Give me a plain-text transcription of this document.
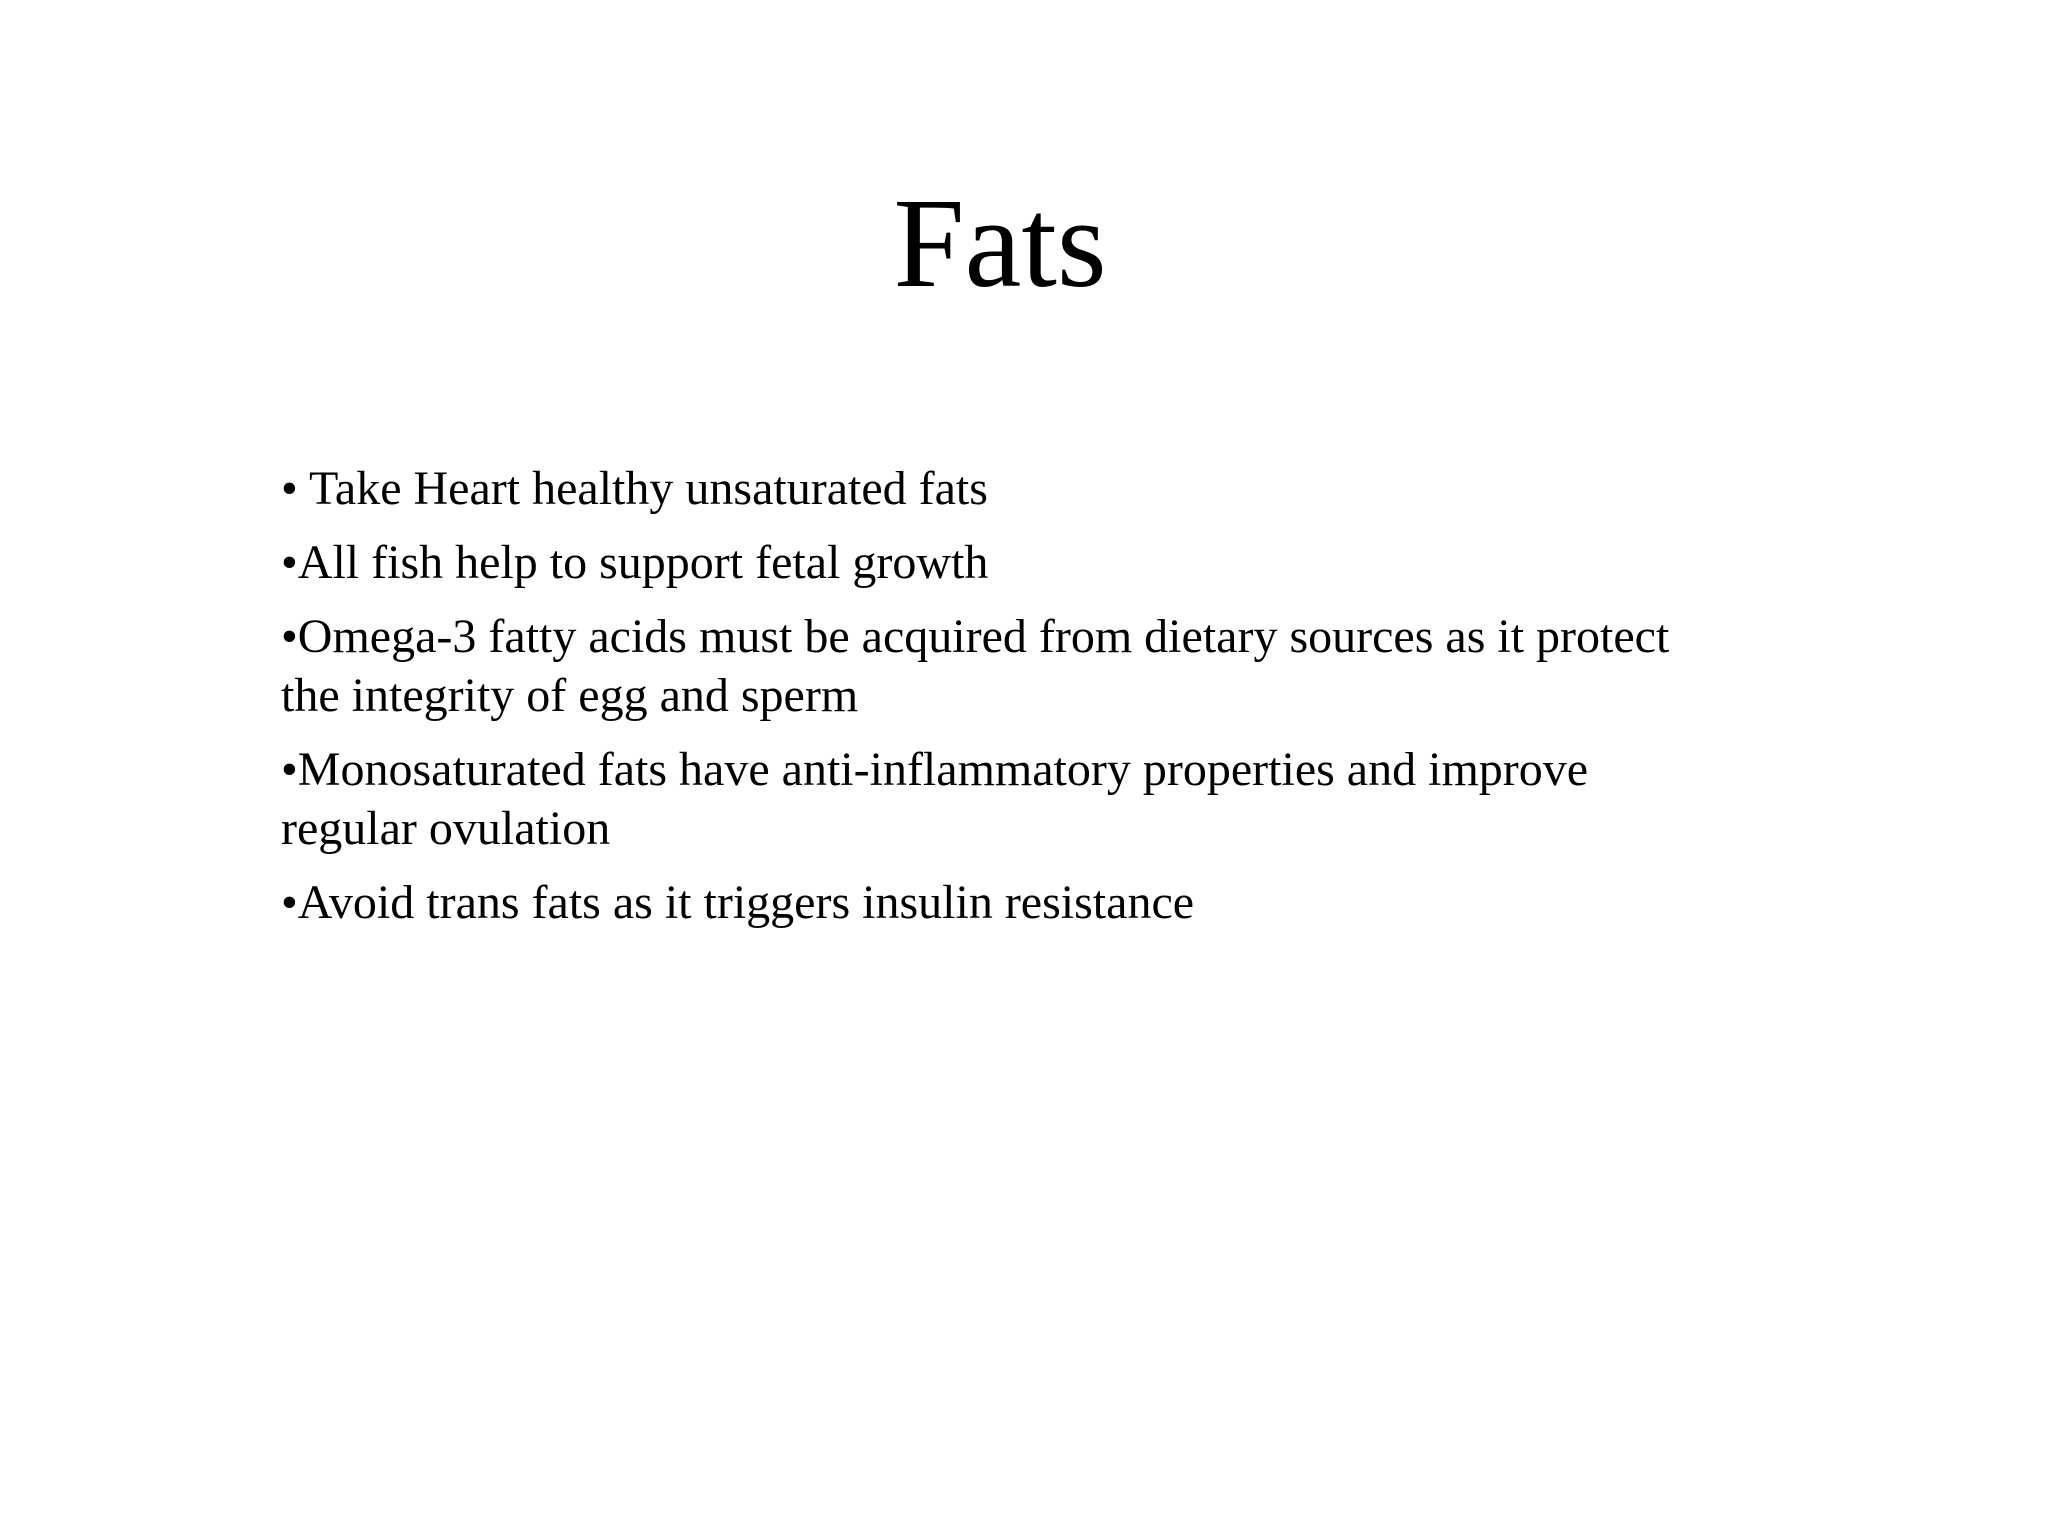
Fats
• Take Heart healthy unsaturated fats
•All fish help to support fetal growth
•Omega-3 fatty acids must be acquired from dietary sources as it protect the integrity of egg and sperm
•Monosaturated fats have anti-inflammatory properties and improve regular ovulation
•Avoid trans fats as it triggers insulin resistance
